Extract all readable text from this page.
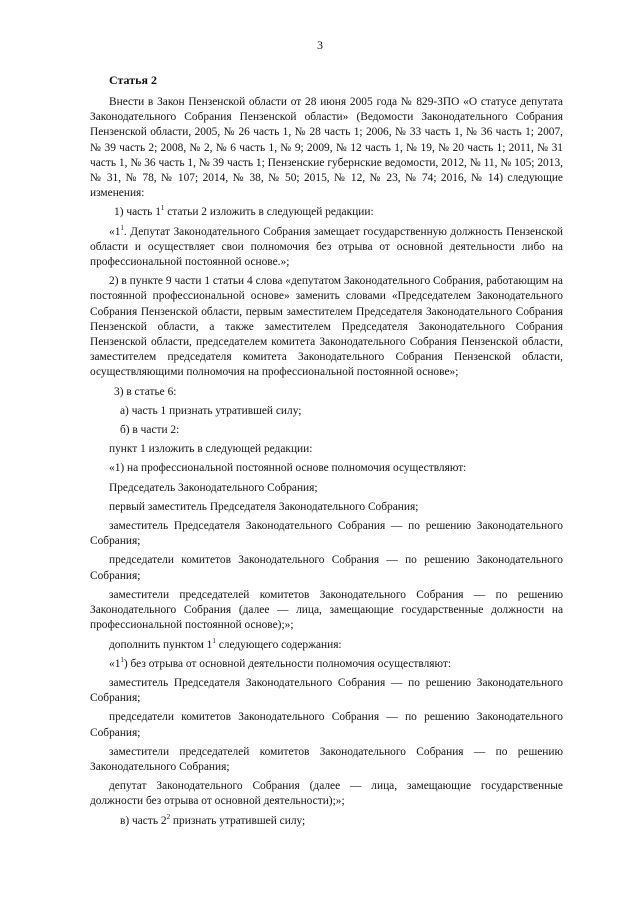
3
Статья 2

Внести в Закон Пензенской области от 28 июня 2005 года № 829-ЗПО «О статусе депутата Законодательного Собрания Пензенской области» (Ведомости Законодательного Собрания Пензенской области, 2005, № 26 часть 1, № 28 часть 1; 2006, № 33 часть 1, № 36 часть 1; 2007, № 39 часть 2; 2008, № 2, № 6 часть 1, № 9; 2009, № 12 часть 1, № 19, № 20 часть 1; 2011, № 31 часть 1, № 36 часть 1, № 39 часть 1; Пензенские губернские ведомости, 2012, № 11, № 105; 2013, № 31, № 78, № 107; 2014, № 38, № 50; 2015, № 12, № 23, № 74; 2016, № 14) следующие изменения:

1) часть $1^1$ статьи 2 изложить в следующей редакции:

«$1^1$. Депутат Законодательного Собрания замещает государственную должность Пензенской области и осуществляет свои полномочия без отрыва от основной деятельности либо на профессиональной постоянной основе.»;

2) в пункте 9 части 1 статьи 4 слова «депутатом Законодательного Собрания, работающим на постоянной профессиональной основе» заменить словами «Председателем Законодательного Собрания Пензенской области, первым заместителем Председателя Законодательного Собрания Пензенской области, а также заместителем Председателя Законодательного Собрания Пензенской области, председателем комитета Законодательного Собрания Пензенской области, заместителем председателя комитета Законодательного Собрания Пензенской области, осуществляющими полномочия на профессиональной постоянной основе»;

3) в статье 6:

а) часть 1 признать утратившей силу;

б) в части 2:

пункт 1 изложить в следующей редакции:

«1) на профессиональной постоянной основе полномочия осуществляют:

Председатель Законодательного Собрания;

первый заместитель Председателя Законодательного Собрания;

заместитель Председателя Законодательного Собрания — по решению Законодательного Собрания;

председатели комитетов Законодательного Собрания — по решению Законодательного Собрания;

заместители председателей комитетов Законодательного Собрания — по решению Законодательного Собрания (далее — лица, замещающие государственные должности на профессиональной постоянной основе);»;

дополнить пунктом $1^1$ следующего содержания:

«$1^1$) без отрыва от основной деятельности полномочия осуществляют:

заместитель Председателя Законодательного Собрания — по решению Законодательного Собрания;

председатели комитетов Законодательного Собрания — по решению Законодательного Собрания;

заместители председателей комитетов Законодательного Собрания — по решению Законодательного Собрания;

депутат Законодательного Собрания (далее — лица, замещающие государственные должности без отрыва от основной деятельности);»;

в) часть $2^2$ признать утратившей силу;
